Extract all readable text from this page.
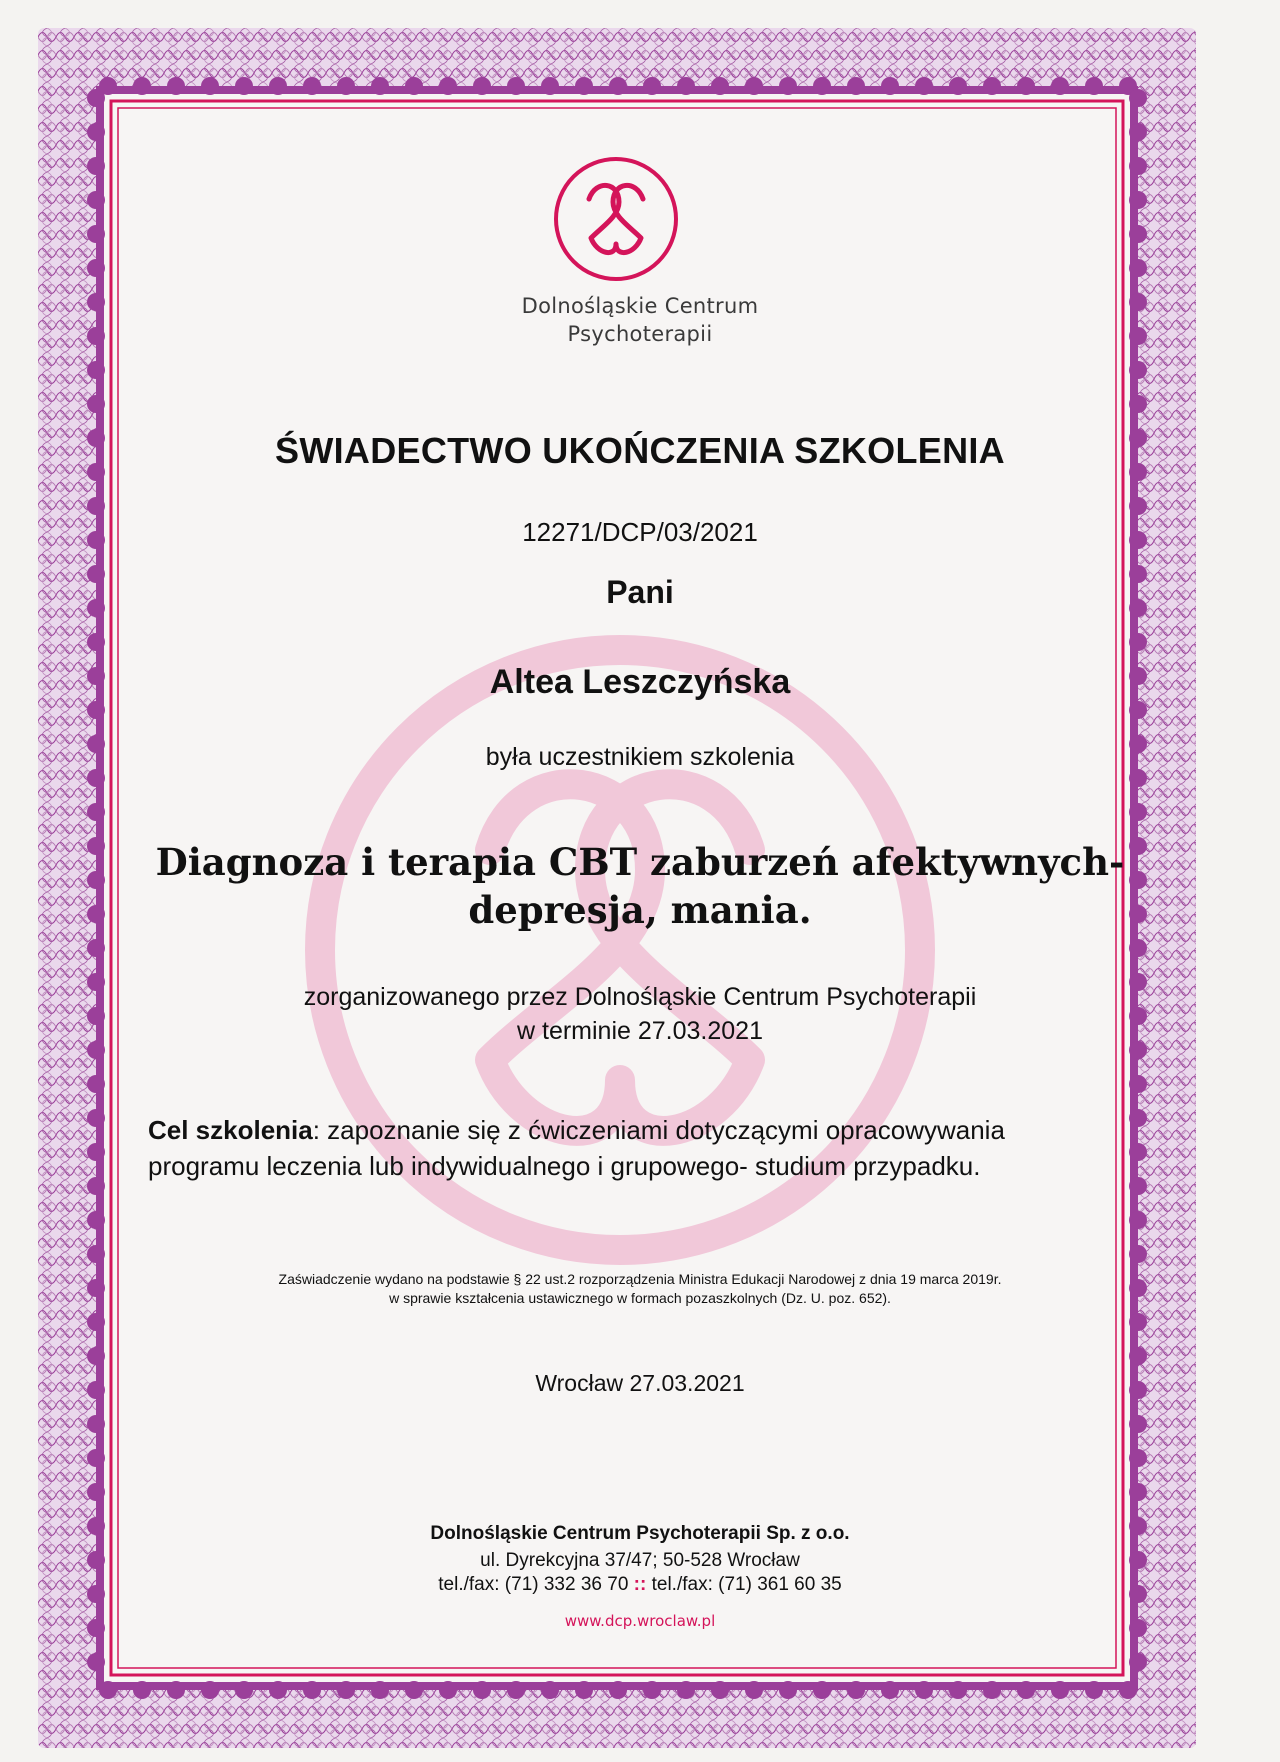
Dolnośląskie Centrum
Psychoterapii
ŚWIADECTWO UKOŃCZENIA SZKOLENIA
12271/DCP/03/2021
Pani
Altea Leszczyńska
była uczestnikiem szkolenia
Diagnoza i terapia CBT zaburzeń afektywnych-
depresja, mania.
zorganizowanego przez Dolnośląskie Centrum Psychoterapii
w terminie 27.03.2021
Cel szkolenia: zapoznanie się z ćwiczeniami dotyczącymi opracowywania programu leczenia lub indywidualnego i grupowego- studium przypadku.
Zaświadczenie wydano na podstawie § 22 ust.2 rozporządzenia Ministra Edukacji Narodowej z dnia 19 marca 2019r.
w sprawie kształcenia ustawicznego w formach pozaszkolnych (Dz. U. poz. 652).
Wrocław 27.03.2021
Dolnośląskie Centrum Psychoterapii Sp. z o.o.
ul. Dyrekcyjna 37/47; 50-528 Wrocław
tel./fax: (71) 332 36 70 :: tel./fax: (71) 361 60 35
www.dcp.wroclaw.pl
